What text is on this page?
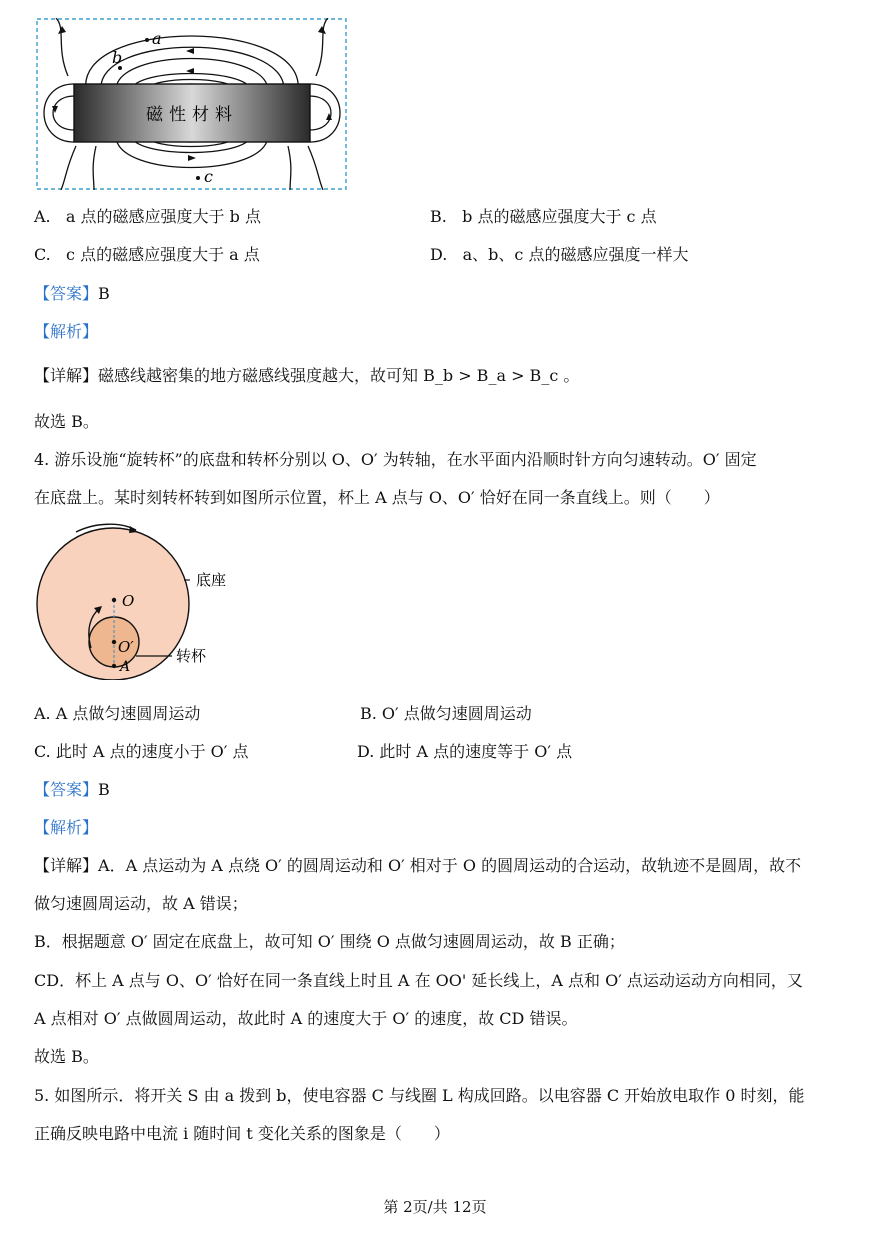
磁性材料
a
b
c
A. a 点的磁感应强度大于 b 点	B. b 点的磁感应强度大于 c 点
C. c 点的磁感应强度大于 a 点	D. a、b、c 点的磁感应强度一样大
【答案】B
【解析】
【详解】磁感线越密集的地方磁感线强度越大，故可知 B_b > B_a > B_c 。
故选 B。
4. 游乐设施“旋转杯”的底盘和转杯分别以 O、O′ 为转轴，在水平面内沿顺时针方向匀速转动。O′ 固定
在底盘上。某时刻转杯转到如图所示位置，杯上 A 点与 O、O′ 恰好在同一条直线上。则（　　）
O
O′
A
底座
转杯
A. A 点做匀速圆周运动	B. O′ 点做匀速圆周运动
C. 此时 A 点的速度小于 O′ 点	D. 此时 A 点的速度等于 O′ 点
【答案】B
【解析】
【详解】A．A 点运动为 A 点绕 O′ 的圆周运动和 O′ 相对于 O 的圆周运动的合运动，故轨迹不是圆周，故不
做匀速圆周运动，故 A 错误；
B．根据题意 O′ 固定在底盘上，故可知 O′ 围绕 O 点做匀速圆周运动，故 B 正确；
CD．杯上 A 点与 O、O′ 恰好在同一条直线上时且 A 在 OO' 延长线上，A 点和 O′ 点运动运动方向相同，又
A 点相对 O′ 点做圆周运动，故此时 A 的速度大于 O′ 的速度，故 CD 错误。
故选 B。
5. 如图所示．将开关 S 由 a 拨到 b，使电容器 C 与线圈 L 构成回路。以电容器 C 开始放电取作 0 时刻，能
正确反映电路中电流 i 随时间 t 变化关系的图象是（　　）
第 2页/共 12页
